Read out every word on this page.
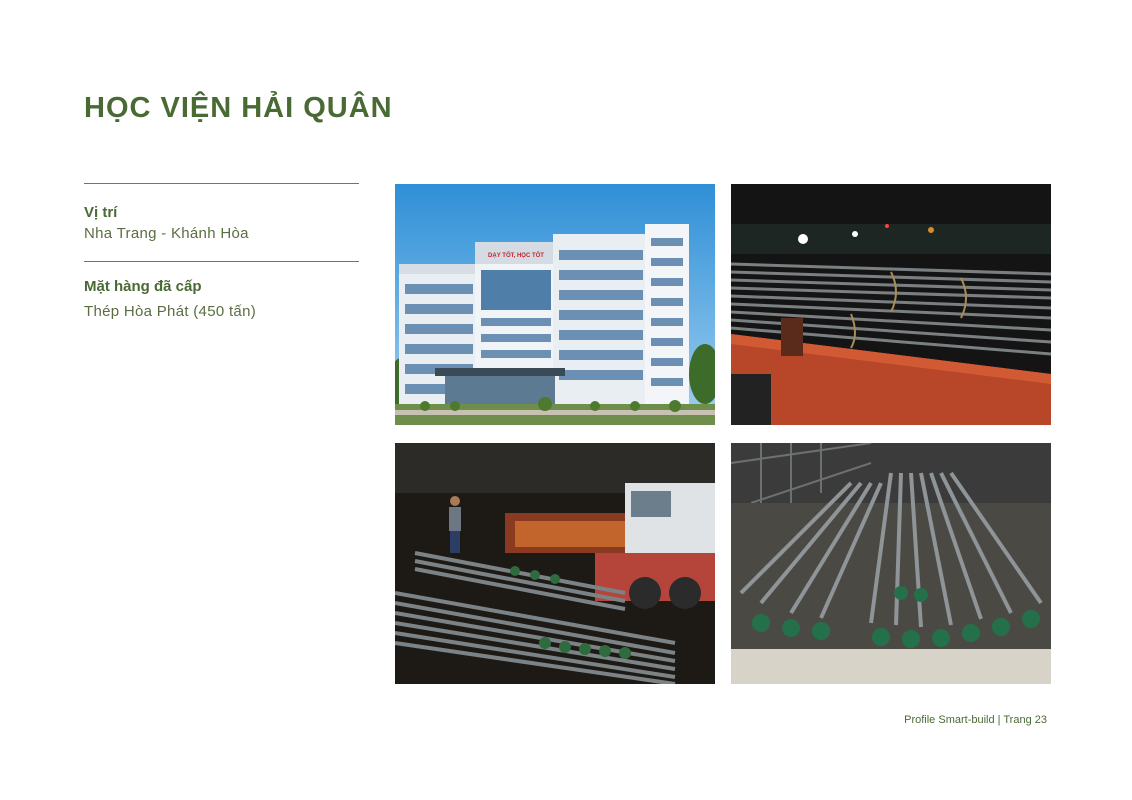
HỌC VIỆN HẢI QUÂN
Vị trí
Nha Trang - Khánh Hòa
Mặt hàng đã cấp
Thép Hòa Phát (450 tấn)
DẠY TỐT, HỌC TỐT
Profile Smart-build | Trang 23
